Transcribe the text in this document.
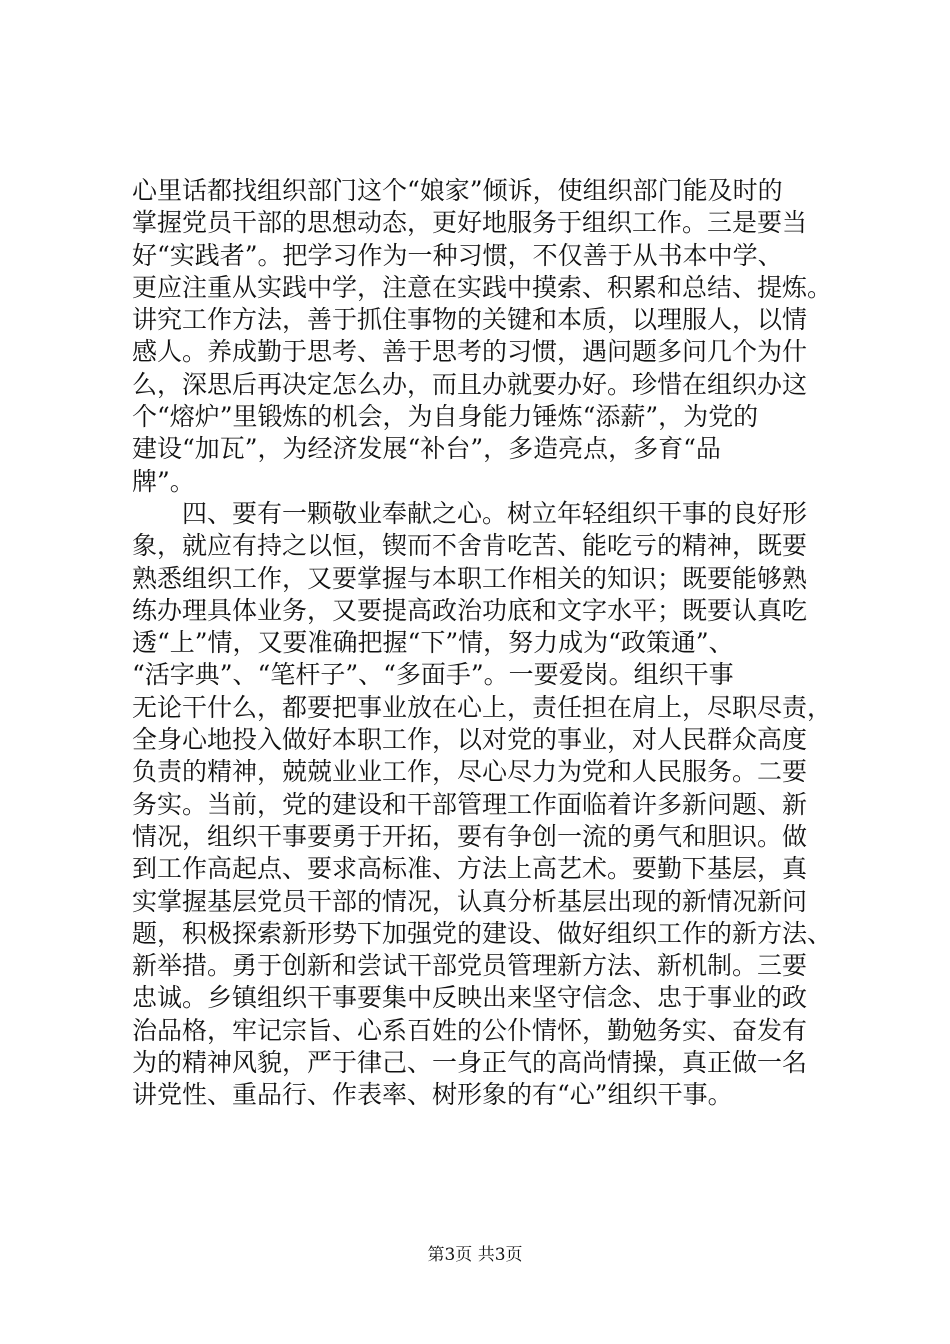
心里话都找组织部门这个“娘家”倾诉，使组织部门能及时的
掌握党员干部的思想动态，更好地服务于组织工作。三是要当
好“实践者”。把学习作为一种习惯，不仅善于从书本中学、
更应注重从实践中学，注意在实践中摸索、积累和总结、提炼。
讲究工作方法，善于抓住事物的关键和本质，以理服人，以情
感人。养成勤于思考、善于思考的习惯，遇问题多问几个为什
么，深思后再决定怎么办，而且办就要办好。珍惜在组织办这
个“熔炉”里锻炼的机会，为自身能力锤炼“添薪”，为党的
建设“加瓦”，为经济发展“补台”，多造亮点，多育“品
牌”。
　　四、要有一颗敬业奉献之心。树立年轻组织干事的良好形
象，就应有持之以恒，锲而不舍肯吃苦、能吃亏的精神，既要
熟悉组织工作，又要掌握与本职工作相关的知识；既要能够熟
练办理具体业务，又要提高政治功底和文字水平；既要认真吃
透“上”情，又要准确把握“下”情，努力成为“政策通”、
“活字典”、“笔杆子”、“多面手”。一要爱岗。组织干事
无论干什么，都要把事业放在心上，责任担在肩上，尽职尽责，
全身心地投入做好本职工作，以对党的事业，对人民群众高度
负责的精神，兢兢业业工作，尽心尽力为党和人民服务。二要
务实。当前，党的建设和干部管理工作面临着许多新问题、新
情况，组织干事要勇于开拓，要有争创一流的勇气和胆识。做
到工作高起点、要求高标准、方法上高艺术。要勤下基层，真
实掌握基层党员干部的情况，认真分析基层出现的新情况新问
题，积极探索新形势下加强党的建设、做好组织工作的新方法、
新举措。勇于创新和尝试干部党员管理新方法、新机制。三要
忠诚。乡镇组织干事要集中反映出来坚守信念、忠于事业的政
治品格，牢记宗旨、心系百姓的公仆情怀，勤勉务实、奋发有
为的精神风貌，严于律己、一身正气的高尚情操，真正做一名
讲党性、重品行、作表率、树形象的有“心”组织干事。
第3页 共3页
